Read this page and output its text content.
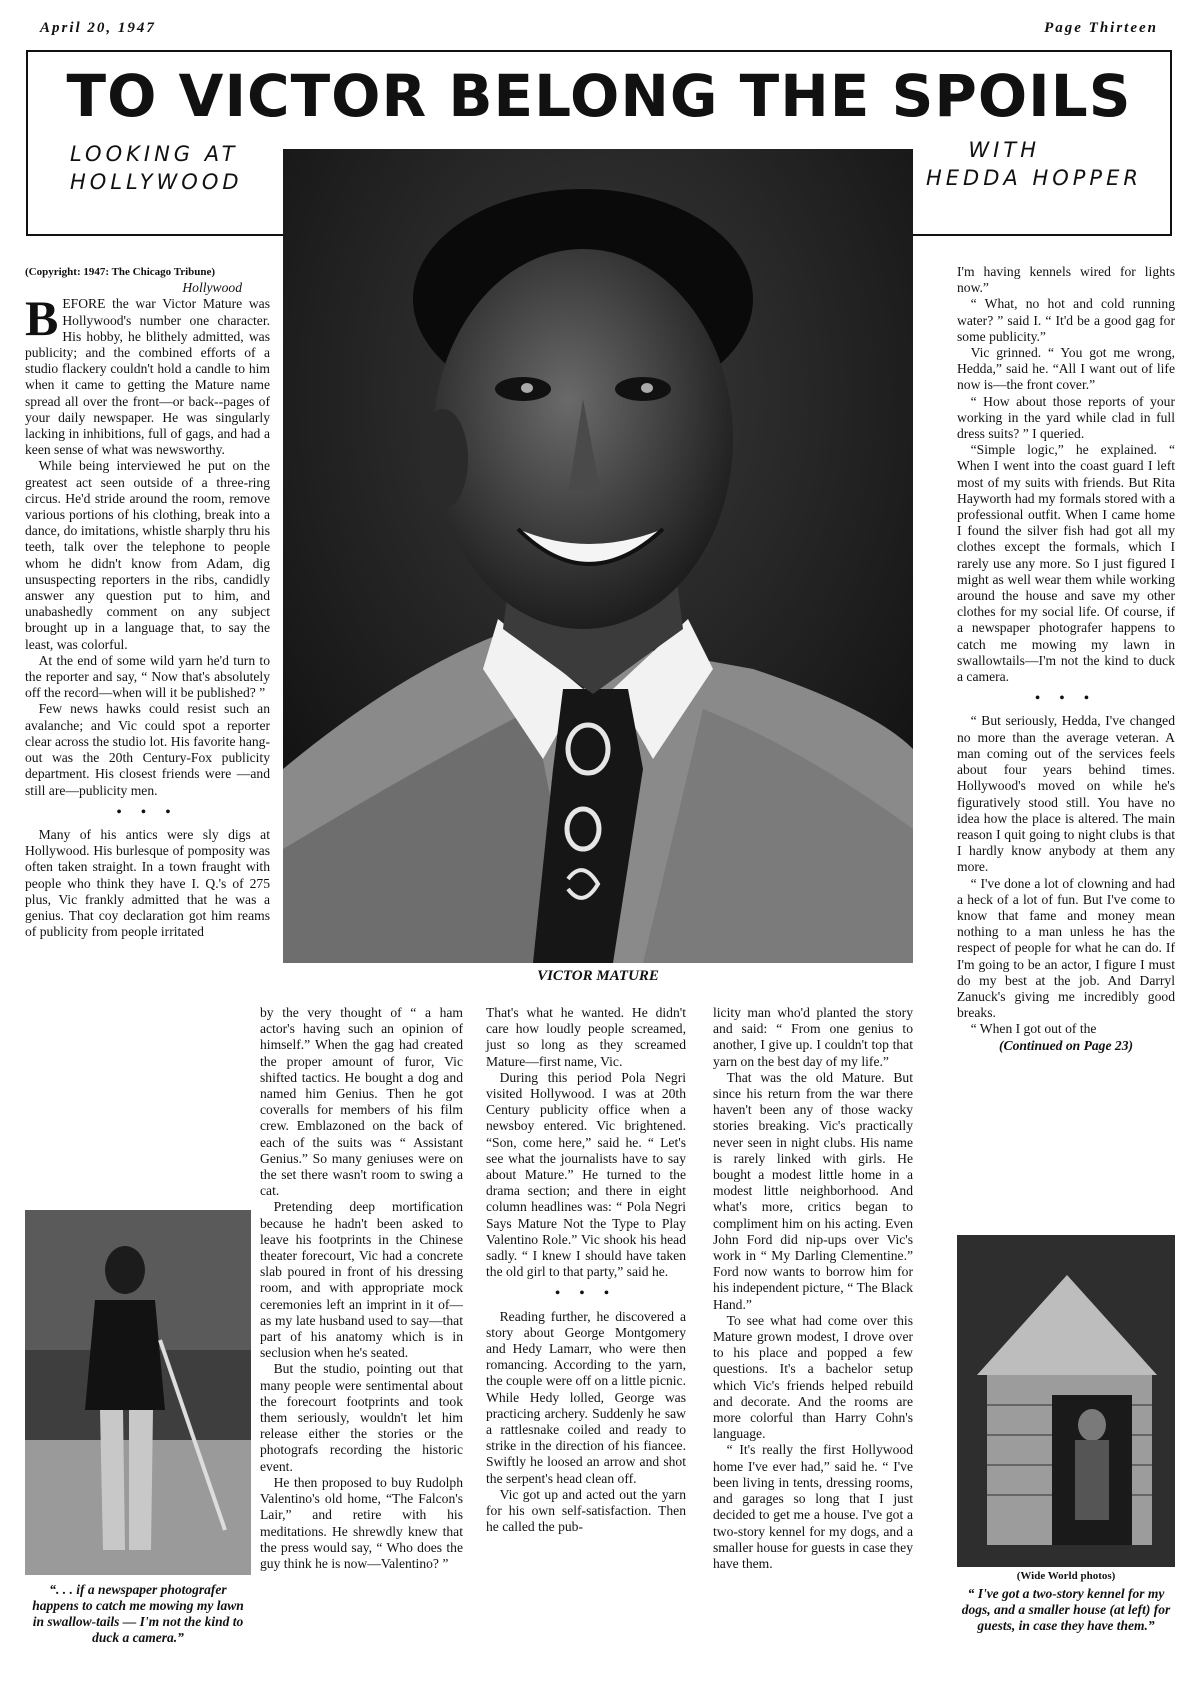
April 20, 1947	Page Thirteen
TO VICTOR BELONG THE SPOILS
LOOKING AT
HOLLYWOOD
WITH
HEDDA HOPPER
VICTOR MATURE
(Copyright: 1947: The Chicago Tribune)
Hollywood

BEFORE the war Victor Mature was Hollywood's number one character. His hobby, he blithely admitted, was publicity; and the combined efforts of a studio flackery couldn't hold a candle to him when it came to getting the Mature name spread all over the front—or back--pages of your daily newspaper. He was singularly lacking in inhibitions, full of gags, and had a keen sense of what was newsworthy.

While being interviewed he put on the greatest act seen outside of a three-ring circus. He'd stride around the room, remove various portions of his clothing, break into a dance, do imitations, whistle sharply thru his teeth, talk over the telephone to people whom he didn't know from Adam, dig unsuspecting reporters in the ribs, candidly answer any question put to him, and unabashedly comment on any subject brought up in a language that, to say the least, was colorful.

At the end of some wild yarn he'd turn to the reporter and say, “ Now that's absolutely off the record—when will it be published? ”

Few news hawks could resist such an avalanche; and Vic could spot a reporter clear across the studio lot. His favorite hang-out was the 20th Century-Fox publicity department. His closest friends were —and still are—publicity men.

• • •

Many of his antics were sly digs at Hollywood. His burlesque of pomposity was often taken straight. In a town fraught with people who think they have I. Q.'s of 275 plus, Vic frankly admitted that he was a genius. That coy declaration got him reams of publicity from people irritated

“. . . if a newspaper photografer happens to catch me mowing my lawn in swallow-tails — I'm not the kind to duck a camera.”

by the very thought of “ a ham actor's having such an opinion of himself.” When the gag had created the proper amount of furor, Vic shifted tactics. He bought a dog and named him Genius. Then he got coveralls for members of his film crew. Emblazoned on the back of each of the suits was “ Assistant Genius.” So many geniuses were on the set there wasn't room to swing a cat.

Pretending deep mortification because he hadn't been asked to leave his footprints in the Chinese theater forecourt, Vic had a concrete slab poured in front of his dressing room, and with appropriate mock ceremonies left an imprint in it of—as my late husband used to say—that part of his anatomy which is in seclusion when he's seated.

But the studio, pointing out that many people were sentimental about the forecourt footprints and took them seriously, wouldn't let him release either the stories or the photografs recording the historic event.

He then proposed to buy Rudolph Valentino's old home, “The Falcon's Lair,” and retire with his meditations. He shrewdly knew that the press would say, “ Who does the guy think he is now—Valentino? ”

That's what he wanted. He didn't care how loudly people screamed, just so long as they screamed Mature—first name, Vic.

During this period Pola Negri visited Hollywood. I was at 20th Century publicity office when a newsboy entered. Vic brightened. “Son, come here,” said he. “ Let's see what the journalists have to say about Mature.” He turned to the drama section; and there in eight column headlines was: “ Pola Negri Says Mature Not the Type to Play Valentino Role.” Vic shook his head sadly. “ I knew I should have taken the old girl to that party,” said he.

• • •

Reading further, he discovered a story about George Montgomery and Hedy Lamarr, who were then romancing. According to the yarn, the couple were off on a little picnic. While Hedy lolled, George was practicing archery. Suddenly he saw a rattlesnake coiled and ready to strike in the direction of his fiancee. Swiftly he loosed an arrow and shot the serpent's head clean off.

Vic got up and acted out the yarn for his own self-satisfaction. Then he called the pub-

licity man who'd planted the story and said: “ From one genius to another, I give up. I couldn't top that yarn on the best day of my life.”

That was the old Mature. But since his return from the war there haven't been any of those wacky stories breaking. Vic's practically never seen in night clubs. His name is rarely linked with girls. He bought a modest little home in a modest little neighborhood. And what's more, critics began to compliment him on his acting. Even John Ford did nip-ups over Vic's work in “ My Darling Clementine.” Ford now wants to borrow him for his independent picture, “ The Black Hand.”

To see what had come over this Mature grown modest, I drove over to his place and popped a few questions. It's a bachelor setup which Vic's friends helped rebuild and decorate. And the rooms are more colorful than Harry Cohn's language.

“ It's really the first Hollywood home I've ever had,” said he. “ I've been living in tents, dressing rooms, and garages so long that I just decided to get me a house. I've got a two-story kennel for my dogs, and a smaller house for guests in case they have them.

I'm having kennels wired for lights now.”

“ What, no hot and cold running water? ” said I. “ It'd be a good gag for some publicity.”

Vic grinned. “ You got me wrong, Hedda,” said he. “All I want out of life now is—the front cover.”

“ How about those reports of your working in the yard while clad in full dress suits? ” I queried.

“Simple logic,” he explained. “ When I went into the coast guard I left most of my suits with friends. But Rita Hayworth had my formals stored with a professional outfit. When I came home I found the silver fish had got all my clothes except the formals, which I rarely use any more. So I just figured I might as well wear them while working around the house and save my other clothes for my social life. Of course, if a newspaper photografer happens to catch me mowing my lawn in swallowtails—I'm not the kind to duck a camera.

• • •

“ But seriously, Hedda, I've changed no more than the average veteran. A man coming out of the services feels about four years behind times. Hollywood's moved on while he's figuratively stood still. You have no idea how the place is altered. The main reason I quit going to night clubs is that I hardly know anybody at them any more.

“ I've done a lot of clowning and had a heck of a lot of fun. But I've come to know that fame and money mean nothing to a man unless he has the respect of people for what he can do. If I'm going to be an actor, I figure I must do my best at the job. And Darryl Zanuck's giving me incredibly good breaks.

“ When I got out of the

(Continued on Page 23)
(Wide World photos)
“ I've got a two-story kennel for my dogs, and a smaller house (at left) for guests, in case they have them.”
